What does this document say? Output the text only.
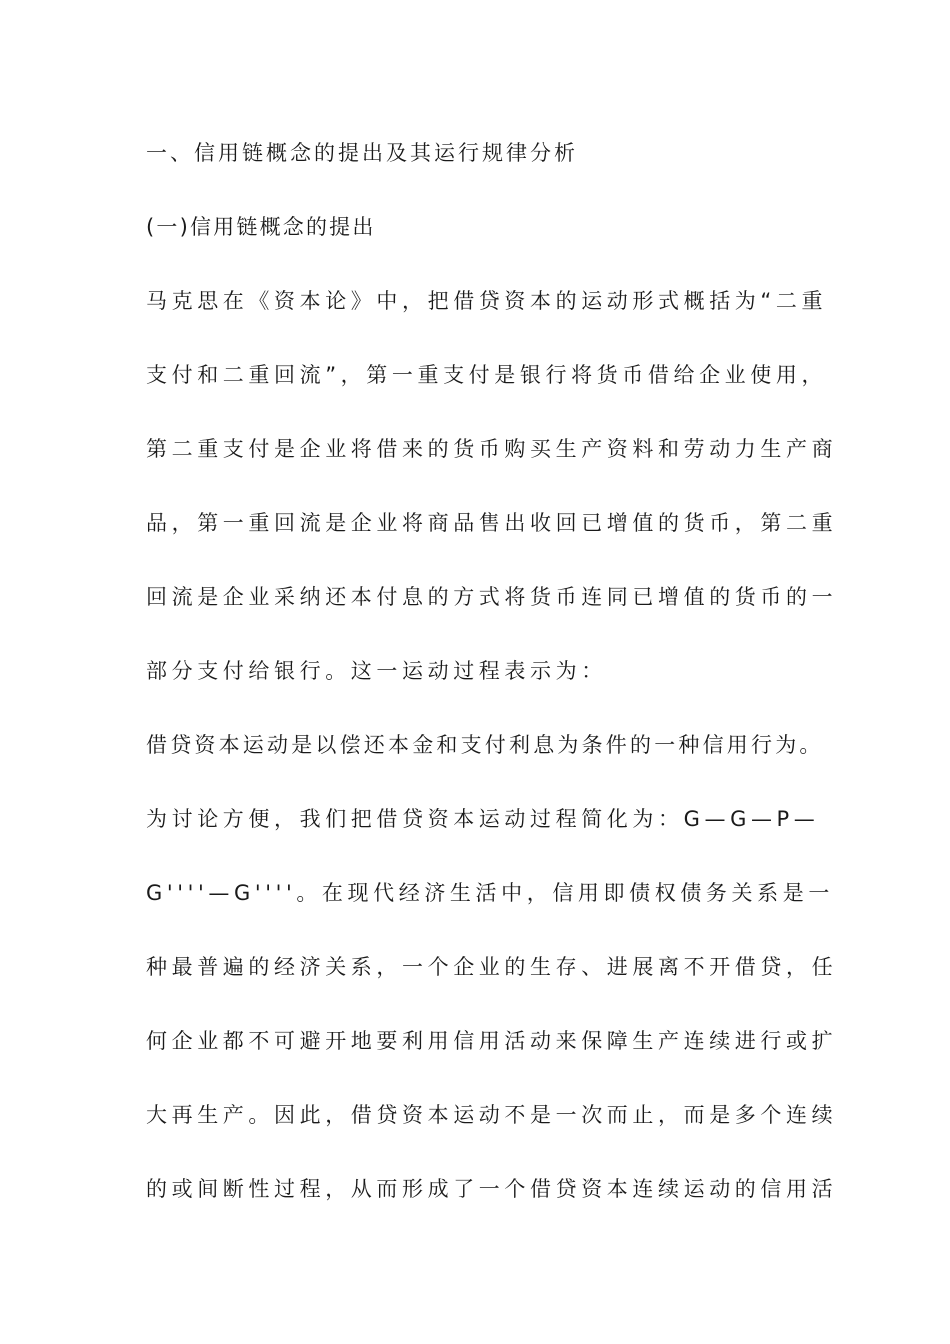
一、信用链概念的提出及其运行规律分析
(一)信用链概念的提出
马克思在《资本论》中，把借贷资本的运动形式概括为“二重
支付和二重回流”，第一重支付是银行将货币借给企业使用，
第二重支付是企业将借来的货币购买生产资料和劳动力生产商
品，第一重回流是企业将商品售出收回已增值的货币，第二重
回流是企业采纳还本付息的方式将货币连同已增值的货币的一
部分支付给银行。这一运动过程表示为：
借贷资本运动是以偿还本金和支付利息为条件的一种信用行为。
为讨论方便，我们把借贷资本运动过程简化为：G—G—P—
G''''—G''''。在现代经济生活中，信用即债权债务关系是一
种最普遍的经济关系，一个企业的生存、进展离不开借贷，任
何企业都不可避开地要利用信用活动来保障生产连续进行或扩
大再生产。因此，借贷资本运动不是一次而止，而是多个连续
的或间断性过程，从而形成了一个借贷资本连续运动的信用活
